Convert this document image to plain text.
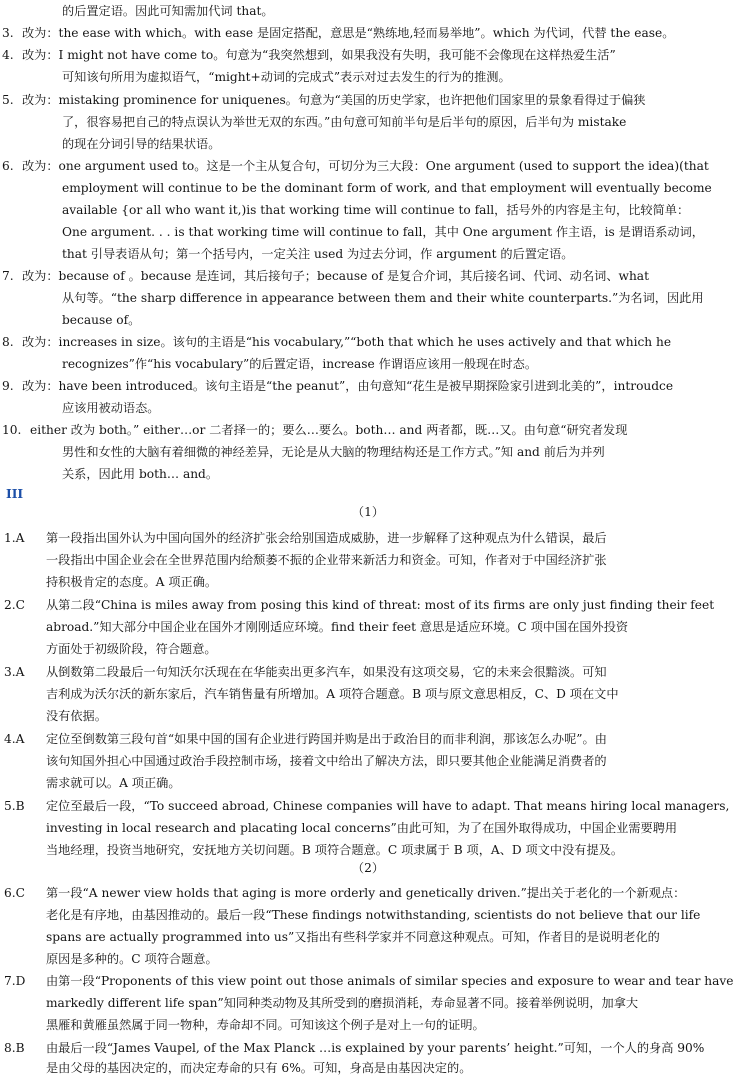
的后置定语。因此可知需加代词 that。
3. 改为：the ease with which。with ease 是固定搭配，意思是“熟练地,轻而易举地”。which 为代词，代替 the ease。
4. 改为：I might not have come to。句意为“我突然想到，如果我没有失明，我可能不会像现在这样热爱生活”
可知该句所用为虚拟语气，“might+动词的完成式”表示对过去发生的行为的推测。
5. 改为：mistaking prominence for uniquenes。句意为“美国的历史学家，也许把他们国家里的景象看得过于偏狭
了，很容易把自己的特点误认为举世无双的东西。”由句意可知前半句是后半句的原因，后半句为 mistake
的现在分词引导的结果状语。
6. 改为：one argument used to。这是一个主从复合句，可切分为三大段：One argument (used to support the idea)(that
employment will continue to be the dominant form of work, and that employment will eventually become
available {or all who want it,)is that working time will continue to fall，括号外的内容是主句，比较简单：
One argument. . . is that working time will continue to fall，其中 One argument 作主语，is 是谓语系动词，
that 引导表语从句；第一个括号内，一定关注 used 为过去分词，作 argument 的后置定语。
7. 改为：because of 。because 是连词，其后接句子；because of 是复合介词，其后接名词、代词、动名词、what
从句等。“the sharp difference in appearance between them and their white counterparts.”为名词，因此用
because of。
8. 改为：increases in size。该句的主语是“his vocabulary,”“both that which he uses actively and that which he
recognizes”作“his vocabulary”的后置定语，increase 作谓语应该用一般现在时态。
9. 改为：have been introduced。该句主语是“the peanut”，由句意知“花生是被早期探险家引进到北美的”，introudce
应该用被动语态。
10. either 改为 both。” either…or 二者择一的；要么…要么。both… and 两者都，既…又。由句意“研究者发现
男性和女性的大脑有着细微的神经差异，无论是从大脑的物理结构还是工作方式。”知 and 前后为并列
关系，因此用 both… and。
III
（1）
1.A 第一段指出国外认为中国向国外的经济扩张会给别国造成威胁，进一步解释了这种观点为什么错误，最后
一段指出中国企业会在全世界范围内给颓萎不振的企业带来新活力和资金。可知，作者对于中国经济扩张
持积极肯定的态度。A 项正确。
2.C 从第二段“China is miles away from posing this kind of threat: most of its firms are only just finding their feet
abroad.”知大部分中国企业在国外才刚刚适应环境。find their feet 意思是适应环境。C 项中国在国外投资
方面处于初级阶段，符合题意。
3.A 从倒数第二段最后一句知沃尔沃现在在华能卖出更多汽车，如果没有这项交易，它的未来会很黯淡。可知
吉利成为沃尔沃的新东家后，汽车销售量有所增加。A 项符合题意。B 项与原文意思相反，C、D 项在文中
没有依据。
4.A 定位至倒数第三段句首“如果中国的国有企业进行跨国并购是出于政治目的而非利润，那该怎么办呢”。由
该句知国外担心中国通过政治手段控制市场，接着文中给出了解决方法，即只要其他企业能满足消费者的
需求就可以。A 项正确。
5.B 定位至最后一段，“To succeed abroad, Chinese companies will have to adapt. That means hiring local managers,
investing in local research and placating local concerns”由此可知，为了在国外取得成功，中国企业需要聘用
当地经理，投资当地研究，安抚地方关切问题。B 项符合题意。C 项隶属于 B 项，A、D 项文中没有提及。
（2）
6.C 第一段“A newer view holds that aging is more orderly and genetically driven.”提出关于老化的一个新观点：
老化是有序地，由基因推动的。最后一段“These findings notwithstanding, scientists do not believe that our life
spans are actually programmed into us”又指出有些科学家并不同意这种观点。可知，作者目的是说明老化的
原因是多种的。C 项符合题意。
7.D 由第一段“Proponents of this view point out those animals of similar species and exposure to wear and tear have
markedly different life span”知同种类动物及其所受到的磨损消耗，寿命显著不同。接着举例说明，加拿大
黑雁和黄雁虽然属于同一物种，寿命却不同。可知该这个例子是对上一句的证明。
8.B 由最后一段“James Vaupel, of the Max Planck …is explained by your parents’ height.”可知，一个人的身高 90%
是由父母的基因决定的，而决定寿命的只有 6%。可知，身高是由基因决定的。
